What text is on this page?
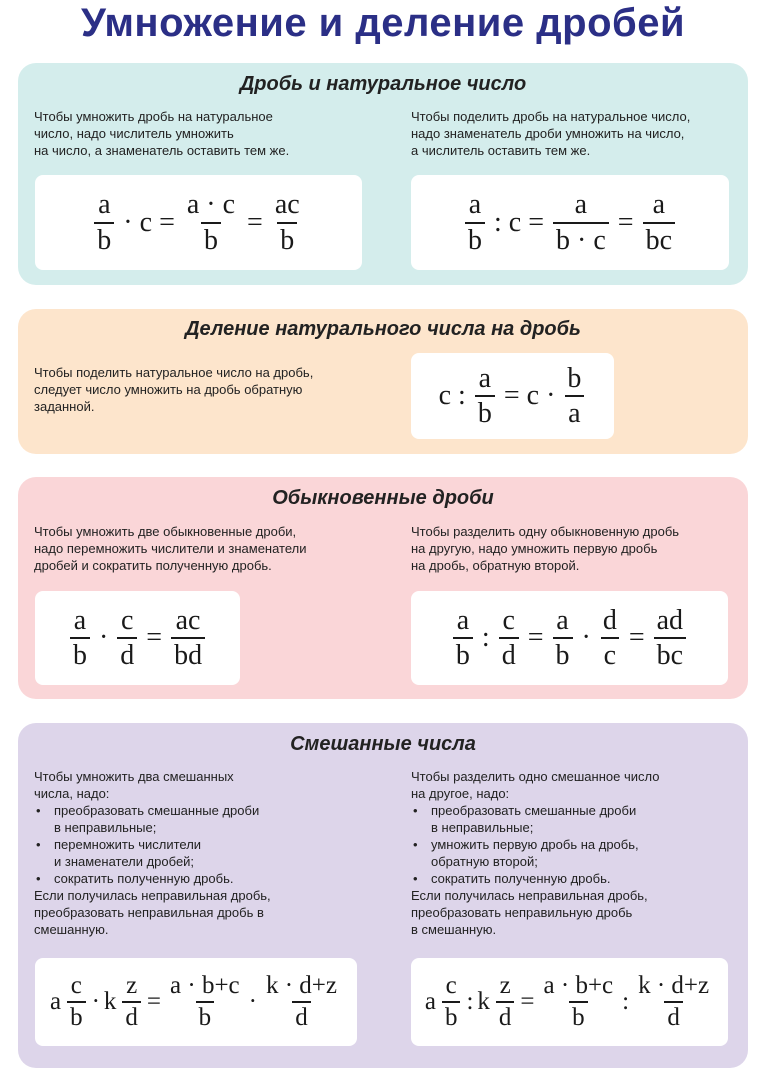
Умножение и деление дробей
Дробь и натуральное число
Чтобы умножить дробь на натуральное
число, надо числитель умножить
на число, а знаменатель оставить тем же.
Чтобы поделить дробь на натуральное число,
надо знаменатель дроби умножить на число,
а числитель оставить тем же.
$\frac{a}{b} \cdot c = \frac{a \cdot c}{b} = \frac{ac}{b}$	$\frac{a}{b}$ : $c = \frac{a}{b \cdot c} = \frac{a}{bc}$
Деление натурального числа на дробь
Чтобы поделить натуральное число на дробь,
следует число умножить на дробь обратную
заданной.	c : $\frac{a}{b} = c \cdot \frac{b}{a}$
Обыкновенные дроби
Чтобы умножить две обыкновенные дроби,
надо перемножить числители и знаменатели
дробей и сократить полученную дробь.
Чтобы разделить одну обыкновенную дробь
на другую, надо умножить первую дробь
на дробь, обратную второй.
$\frac{a}{b} \cdot \frac{c}{d} = \frac{ac}{bd}$	$\frac{a}{b}$ : $\frac{c}{d} = \frac{a}{b} \cdot \frac{d}{c} = \frac{ad}{bc}$
Смешанные числа
Чтобы умножить два смешанных
числа, надо:
• преобразовать смешанные дроби
в неправильные;
• перемножить числители
и знаменатели дробей;
• сократить полученную дробь.
Если получилась неправильная дробь,
преобразовать неправильная дробь в
смешанную.
Чтобы разделить одно смешанное число
на другое, надо:
• преобразовать смешанные дроби
в неправильные;
• умножить первую дробь на дробь,
обратную второй;
• сократить полученную дробь.
Если получилась неправильная дробь,
преобразовать неправильную дробь
в смешанную.
a $\frac{c}{b} \cdot k \frac{z}{d} = \frac{a \cdot b+c}{b} \cdot \frac{k \cdot d+z}{d}$	a $\frac{c}{b}$ : k $\frac{z}{d} = \frac{a \cdot b+c}{b}$ : $\frac{k \cdot d+z}{d}$
